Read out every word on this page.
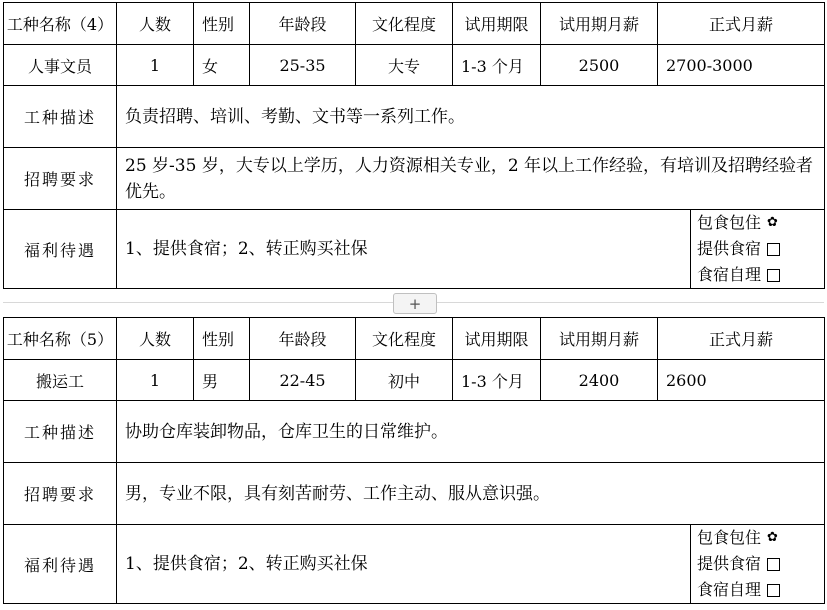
工种名称（4）	人数	性别	年龄段	文化程度	试用期限	试用期月薪	正式月薪
人事文员	1	女	25-35	大专	1-3 个月	2500	2700-3000
工种描述	负责招聘、培训、考勤、文书等一系列工作。	
招聘要求	25 岁-35 岁，大专以上学历，人力资源相关专业，2 年以上工作经验，有培训及招聘经验者优先。	
福利待遇	1、提供食宿；2、转正购买社保	包食包住 ✿
提供食宿
食宿自理
+
工种名称（5）	人数	性别	年龄段	文化程度	试用期限	试用期月薪	正式月薪
搬运工	1	男	22-45	初中	1-3 个月	2400	2600
工种描述	协助仓库装卸物品，仓库卫生的日常维护。	
招聘要求	男，专业不限，具有刻苦耐劳、工作主动、服从意识强。	
福利待遇	1、提供食宿；2、转正购买社保	包食包住 ✿
提供食宿
食宿自理
